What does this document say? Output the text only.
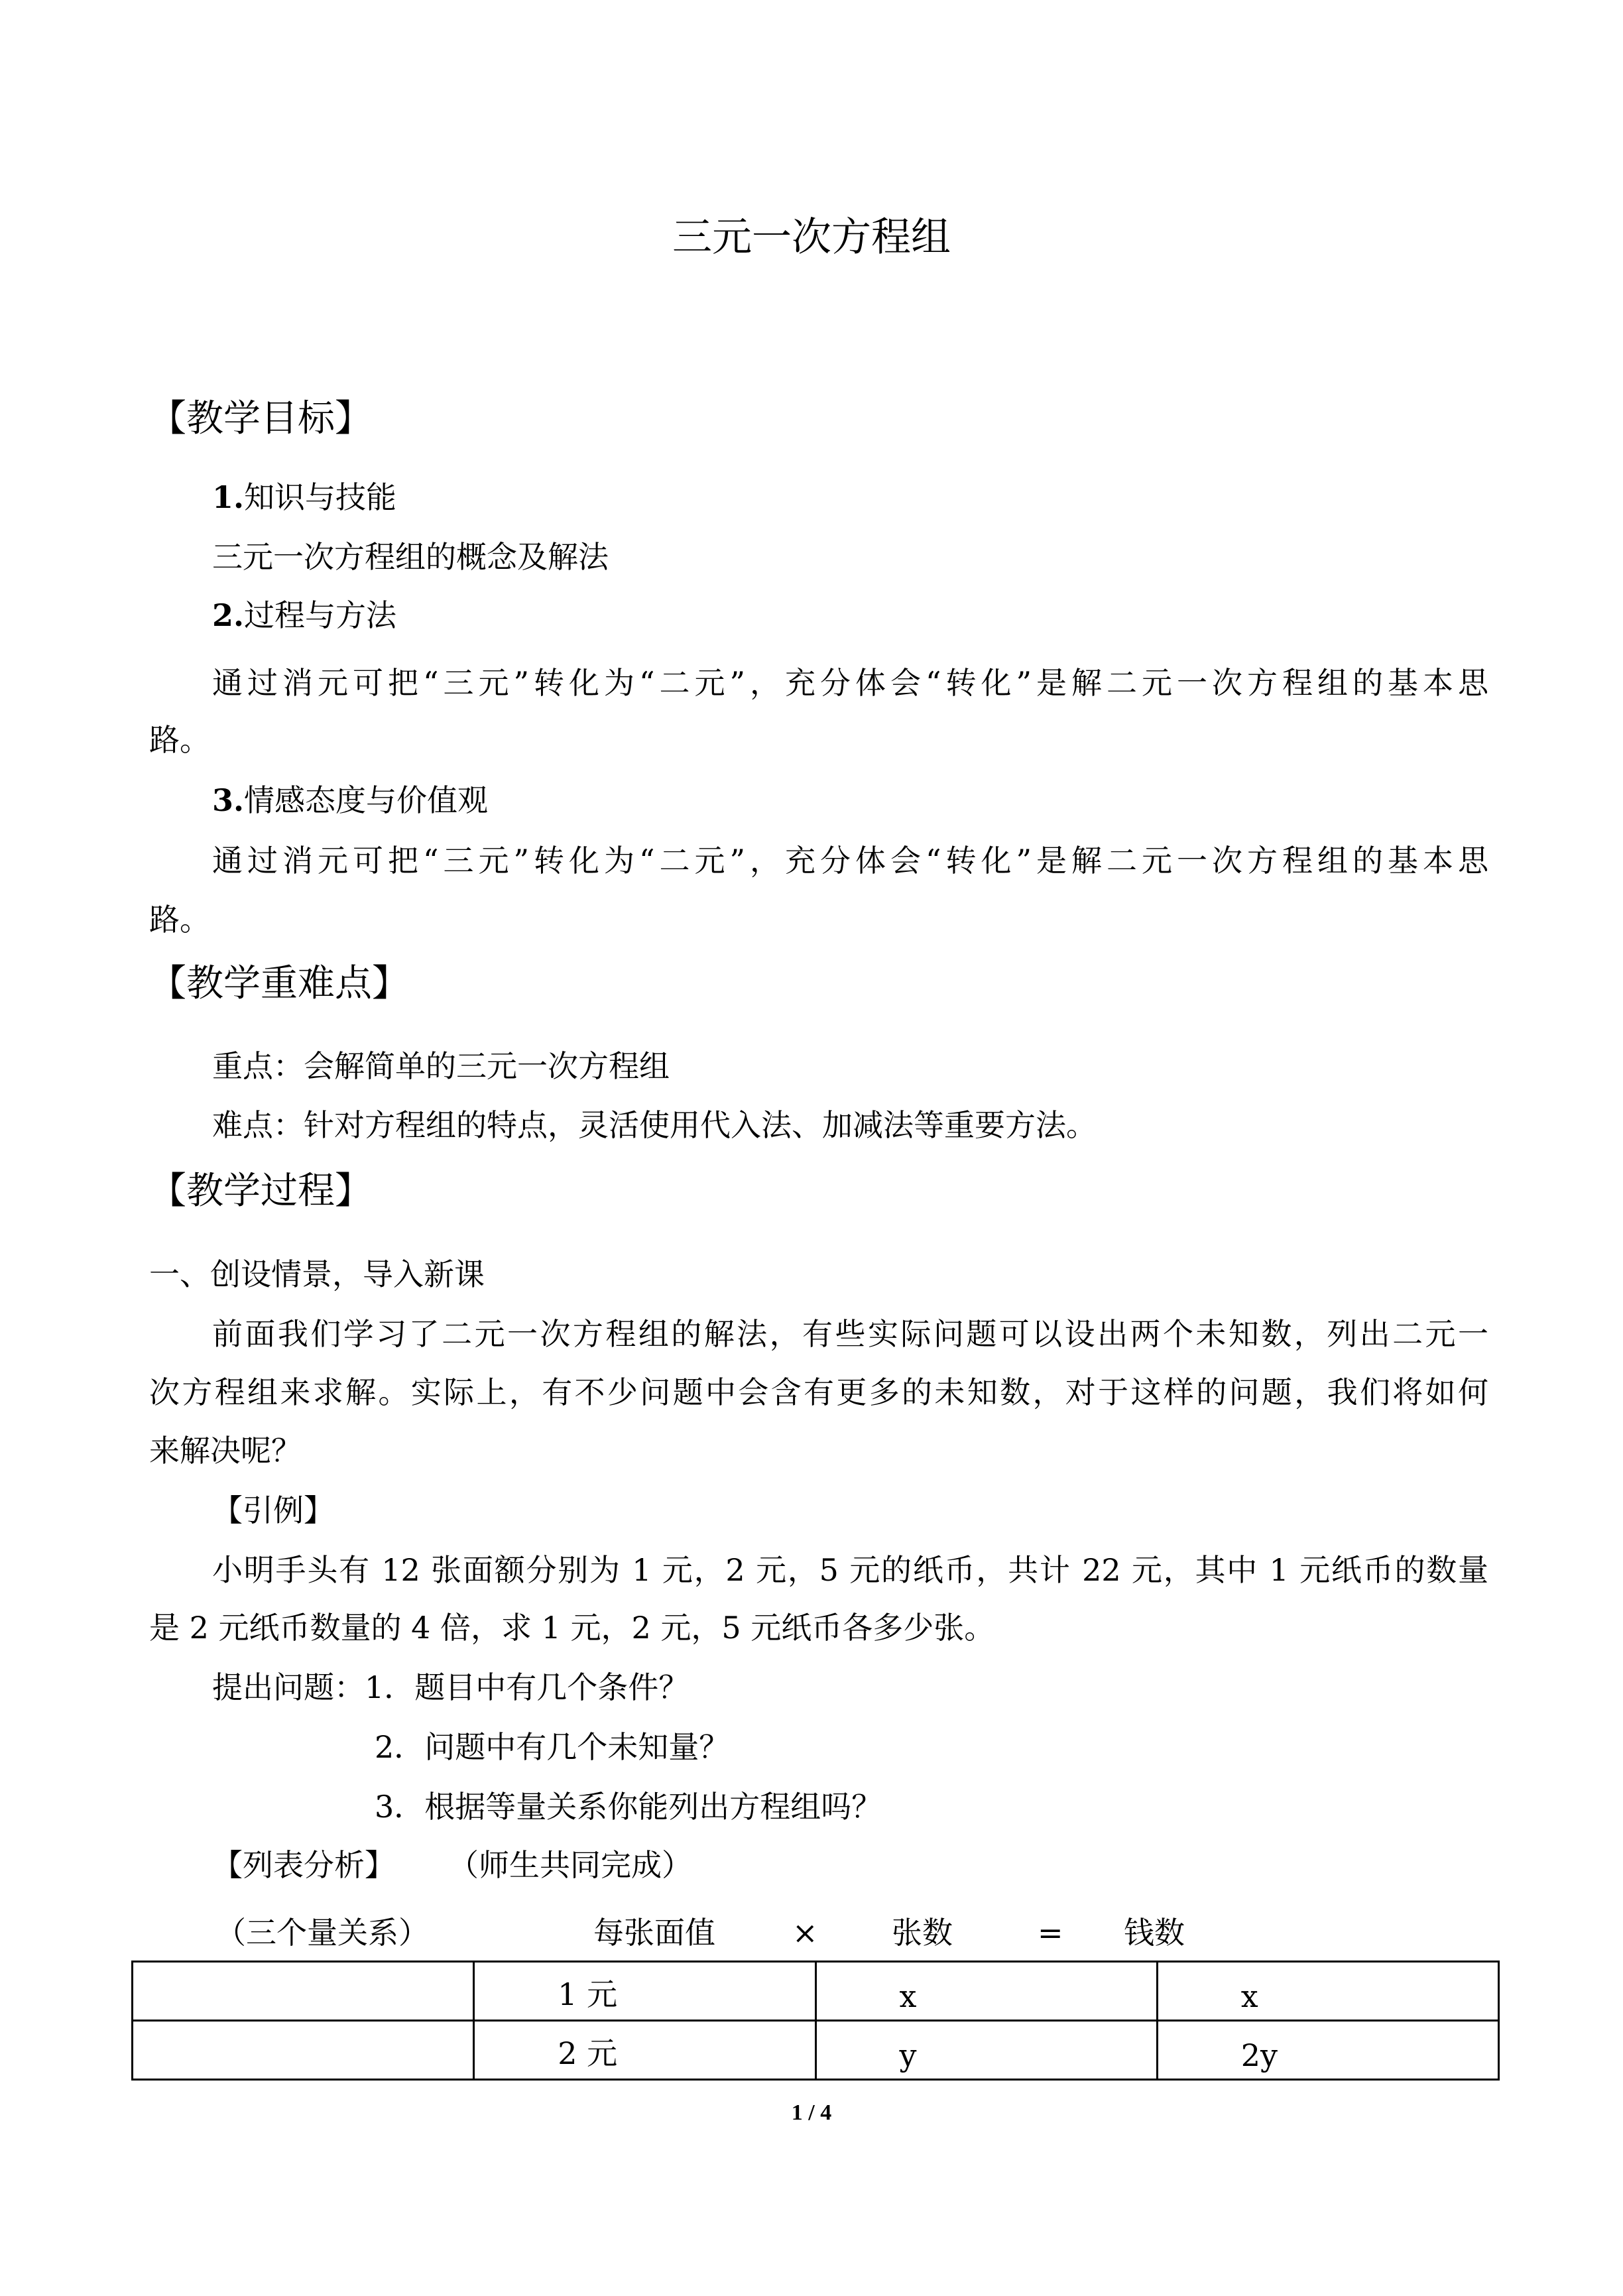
三元一次方程组
【教学目标】
1.知识与技能
三元一次方程组的概念及解法
2.过程与方法
通过消元可把“三元”转化为“二元”，充分体会“转化”是解二元一次方程组的基本思
路。
3.情感态度与价值观
通过消元可把“三元”转化为“二元”，充分体会“转化”是解二元一次方程组的基本思
路。
【教学重难点】
重点：会解简单的三元一次方程组
难点：针对方程组的特点，灵活使用代入法、加减法等重要方法。
【教学过程】
一、创设情景，导入新课
前面我们学习了二元一次方程组的解法，有些实际问题可以设出两个未知数，列出二元一
次方程组来求解。实际上，有不少问题中会含有更多的未知数，对于这样的问题，我们将如何
来解决呢？
【引例】
小明手头有 12 张面额分别为 1 元，2 元，5 元的纸币，共计 22 元，其中 1 元纸币的数量
是 2 元纸币数量的 4 倍，求 1 元，2 元，5 元纸币各多少张。
提出问题：1．题目中有几个条件？
2．问题中有几个未知量？
3．根据等量关系你能列出方程组吗？
【列表分析】 （师生共同完成）
（三个量关系）	每张面值	× 张数	= 钱数
	1 元	x	x
	2 元	y	2y
1 / 4
